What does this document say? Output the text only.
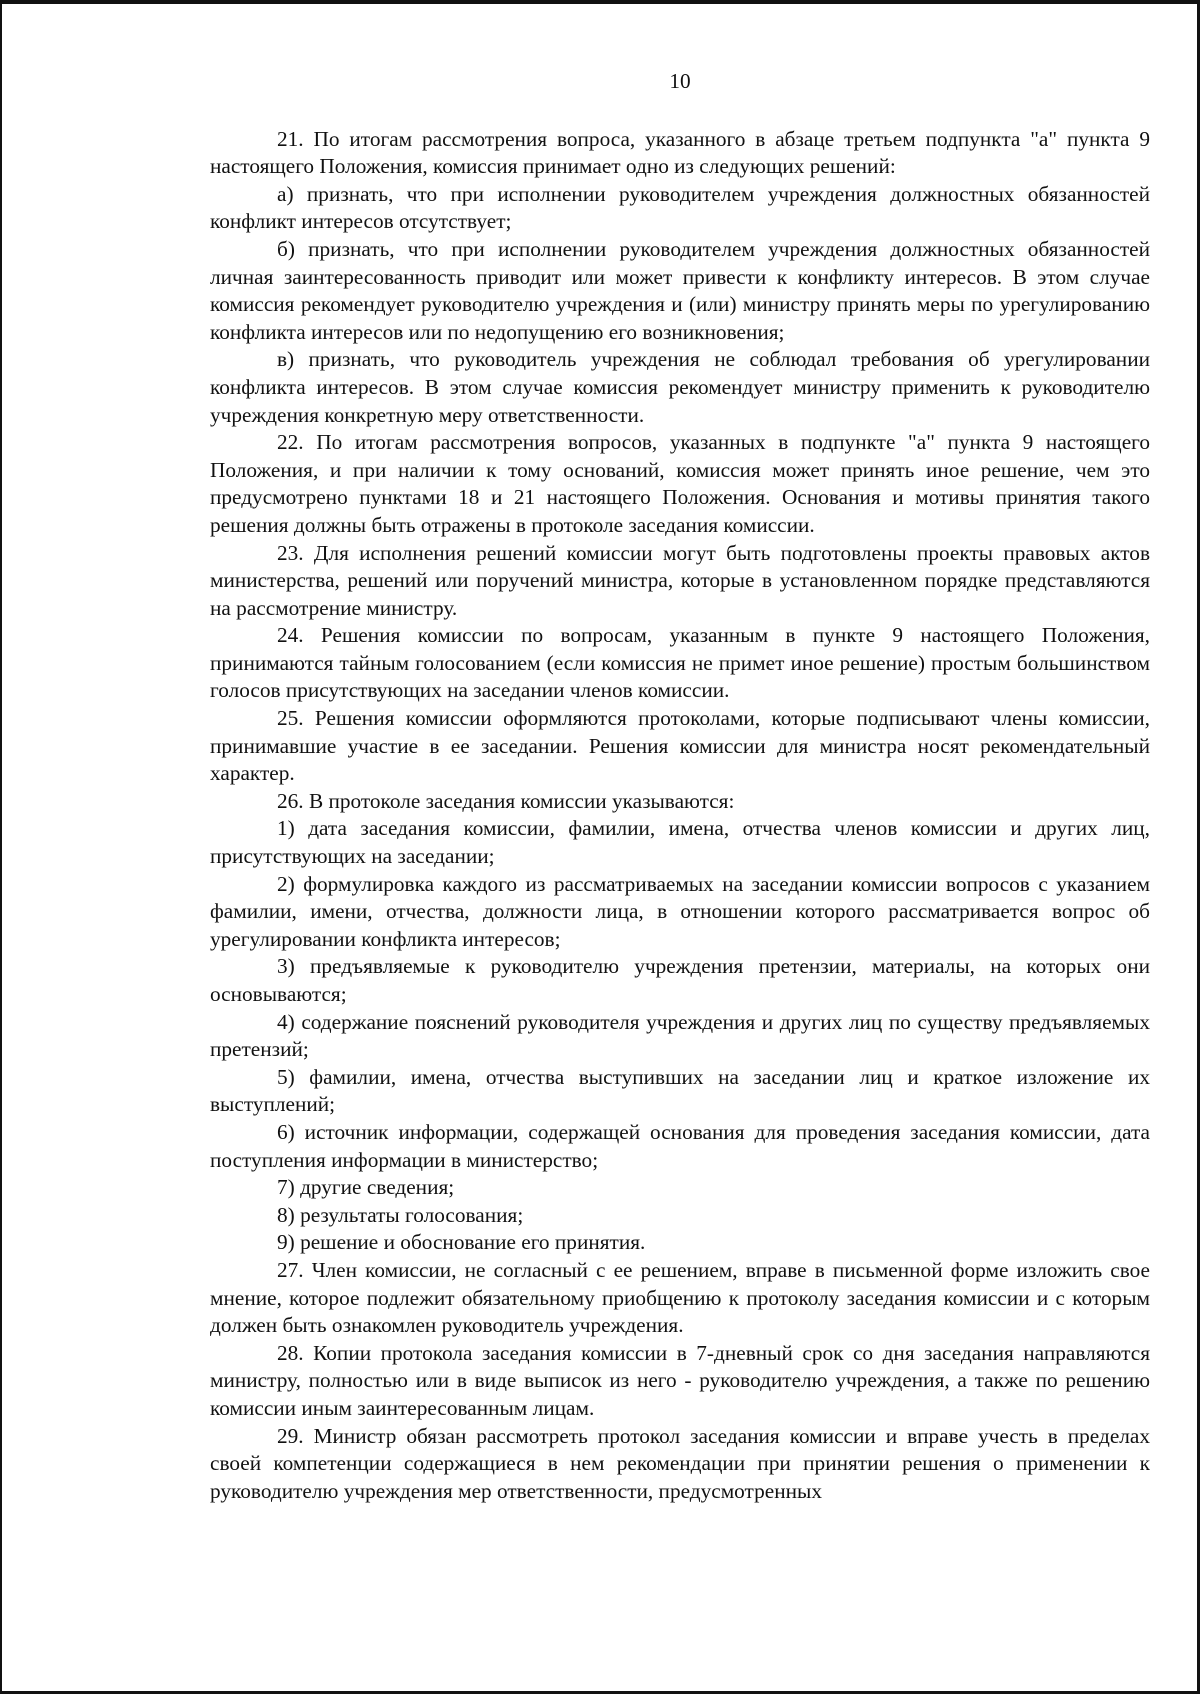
10

21. По итогам рассмотрения вопроса, указанного в абзаце третьем подпункта "а" пункта 9 настоящего Положения, комиссия принимает одно из следующих решений:

а) признать, что при исполнении руководителем учреждения должностных обязанностей конфликт интересов отсутствует;

б) признать, что при исполнении руководителем учреждения должностных обязанностей личная заинтересованность приводит или может привести к конфликту интересов. В этом случае комиссия рекомендует руководителю учреждения и (или) министру принять меры по урегулированию конфликта интересов или по недопущению его возникновения;

в) признать, что руководитель учреждения не соблюдал требования об урегулировании конфликта интересов. В этом случае комиссия рекомендует министру применить к руководителю учреждения конкретную меру ответственности.

22. По итогам рассмотрения вопросов, указанных в подпункте "а" пункта 9 настоящего Положения, и при наличии к тому оснований, комиссия может принять иное решение, чем это предусмотрено пунктами 18 и 21 настоящего Положения. Основания и мотивы принятия такого решения должны быть отражены в протоколе заседания комиссии.

23. Для исполнения решений комиссии могут быть подготовлены проекты правовых актов министерства, решений или поручений министра, которые в установленном порядке представляются на рассмотрение министру.

24. Решения комиссии по вопросам, указанным в пункте 9 настоящего Положения, принимаются тайным голосованием (если комиссия не примет иное решение) простым большинством голосов присутствующих на заседании членов комиссии.

25. Решения комиссии оформляются протоколами, которые подписывают члены комиссии, принимавшие участие в ее заседании. Решения комиссии для министра носят рекомендательный характер.

26. В протоколе заседания комиссии указываются:

1) дата заседания комиссии, фамилии, имена, отчества членов комиссии и других лиц, присутствующих на заседании;

2) формулировка каждого из рассматриваемых на заседании комиссии вопросов с указанием фамилии, имени, отчества, должности лица, в отношении которого рассматривается вопрос об урегулировании конфликта интересов;

3) предъявляемые к руководителю учреждения претензии, материалы, на которых они основываются;

4) содержание пояснений руководителя учреждения и других лиц по существу предъявляемых претензий;

5) фамилии, имена, отчества выступивших на заседании лиц и краткое изложение их выступлений;

6) источник информации, содержащей основания для проведения заседания комиссии, дата поступления информации в министерство;

7) другие сведения;

8) результаты голосования;

9) решение и обоснование его принятия.

27. Член комиссии, не согласный с ее решением, вправе в письменной форме изложить свое мнение, которое подлежит обязательному приобщению к протоколу заседания комиссии и с которым должен быть ознакомлен руководитель учреждения.

28. Копии протокола заседания комиссии в 7-дневный срок со дня заседания направляются министру, полностью или в виде выписок из него - руководителю учреждения, а также по решению комиссии иным заинтересованным лицам.

29. Министр обязан рассмотреть протокол заседания комиссии и вправе учесть в пределах своей компетенции содержащиеся в нем рекомендации при принятии решения о применении к руководителю учреждения мер ответственности, предусмотренных
